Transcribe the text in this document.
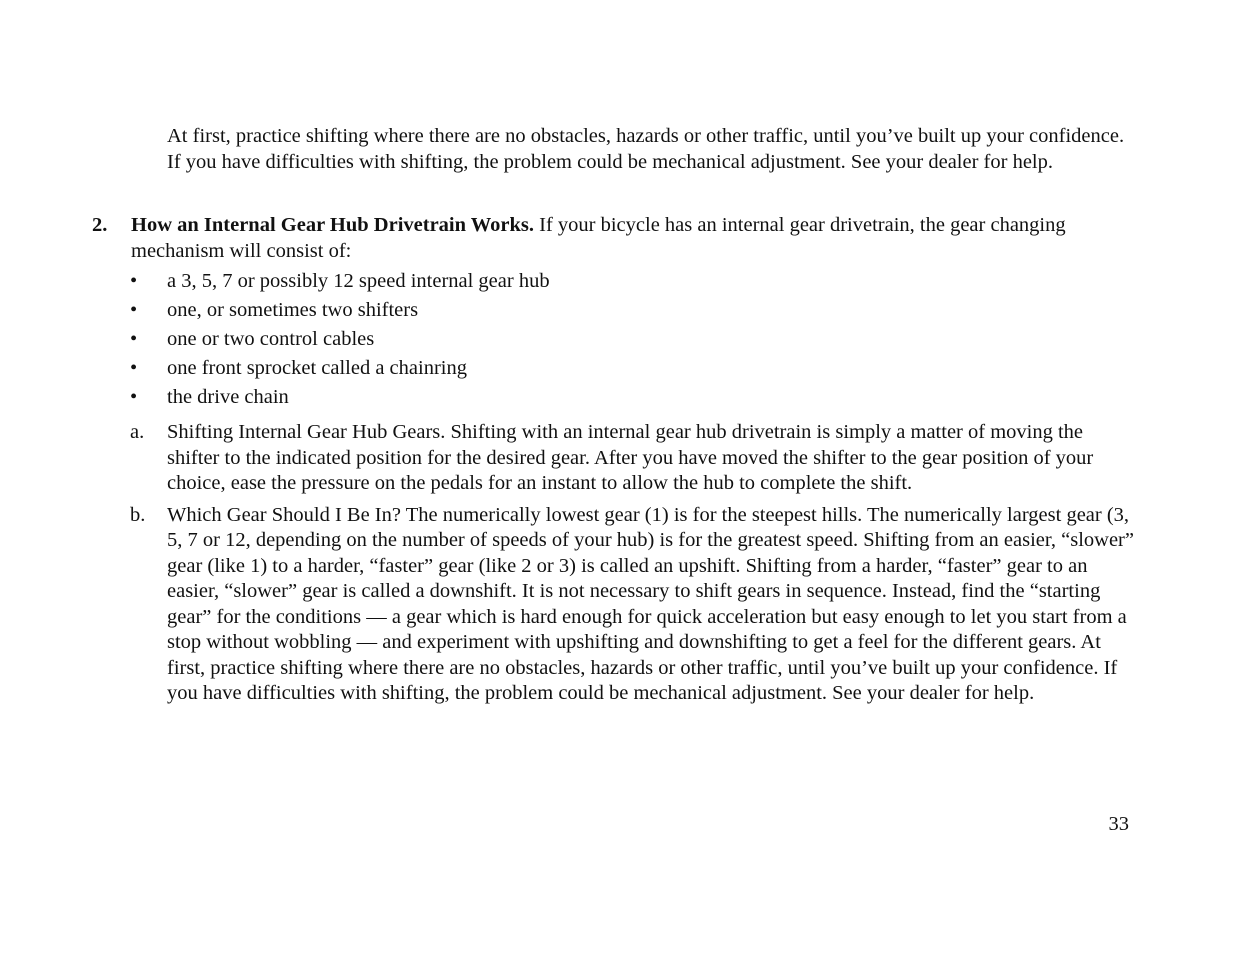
At first, practice shifting where there are no obstacles, hazards or other traffic, until you’ve built up your confidence. If you have difficulties with shifting, the problem could be mechanical adjustment. See your dealer for help.

2. How an Internal Gear Hub Drivetrain Works. If your bicycle has an internal gear drivetrain, the gear changing mechanism will consist of:

• a 3, 5, 7 or possibly 12 speed internal gear hub
• one, or sometimes two shifters
• one or two control cables
• one front sprocket called a chainring
• the drive chain
a. Shifting Internal Gear Hub Gears. Shifting with an internal gear hub drivetrain is simply a matter of moving the shifter to the indicated position for the desired gear. After you have moved the shifter to the gear position of your choice, ease the pressure on the pedals for an instant to allow the hub to complete the shift.
b. Which Gear Should I Be In? The numerically lowest gear (1) is for the steepest hills. The numerically largest gear (3, 5, 7 or 12, depending on the number of speeds of your hub) is for the greatest speed. Shifting from an easier, “slower” gear (like 1) to a harder, “faster” gear (like 2 or 3) is called an upshift. Shifting from a harder, “faster” gear to an easier, “slower” gear is called a downshift. It is not necessary to shift gears in sequence. Instead, find the “starting gear” for the conditions — a gear which is hard enough for quick acceleration but easy enough to let you start from a stop without wobbling — and experiment with upshifting and downshifting to get a feel for the different gears. At first, practice shifting where there are no obstacles, hazards or other traffic, until you’ve built up your confidence. If you have difficulties with shifting, the problem could be mechanical adjustment. See your dealer for help.
33
